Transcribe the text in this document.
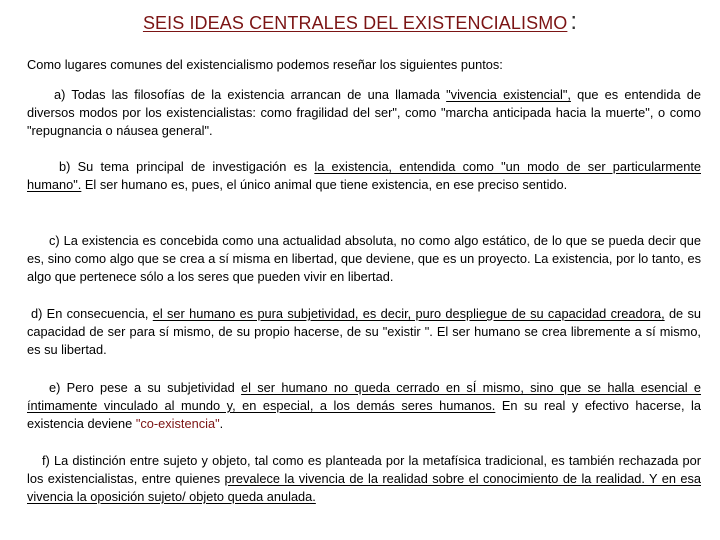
SEIS IDEAS CENTRALES DEL EXISTENCIALISMO :
Como lugares comunes del existencialismo podemos reseñar los siguientes puntos:

a) Todas las filosofías de la existencia arrancan de una llamada "vivencia existencial", que es entendida de diversos modos por los existencialistas: como fragilidad del ser", como "marcha anticipada hacia la muerte", o como "repugnancia o náusea general".

b) Su tema principal de investigación es la existencia, entendida como "un modo de ser particularmente humano". El ser humano es, pues, el único animal que tiene existencia, en ese preciso sentido.

c) La existencia es concebida como una actualidad absoluta, no como algo estático, de lo que se pueda decir que es, sino como algo que se crea a sí misma en libertad, que deviene, que es un proyecto. La existencia, por lo tanto, es algo que pertenece sólo a los seres que pueden vivir en libertad.

d) En consecuencia, el ser humano es pura subjetividad, es decir, puro despliegue de su capacidad creadora, de su capacidad de ser para sí mismo, de su propio hacerse, de su "existir ". El ser humano se crea libremente a sí mismo, es su libertad.

e) Pero pese a su subjetividad el ser humano no queda cerrado en sÍ mismo, sino que se halla esencial e íntimamente vinculado al mundo y, en especial, a los demás seres humanos. En su real y efectivo hacerse, la existencia deviene "co-existencia".

f) La distinción entre sujeto y objeto, tal como es planteada por la metafísica tradicional, es también rechazada por los existencialistas, entre quienes prevalece la vivencia de la realidad sobre el conocimiento de la realidad. Y en esa vivencia la oposición sujeto/ objeto queda anulada.
